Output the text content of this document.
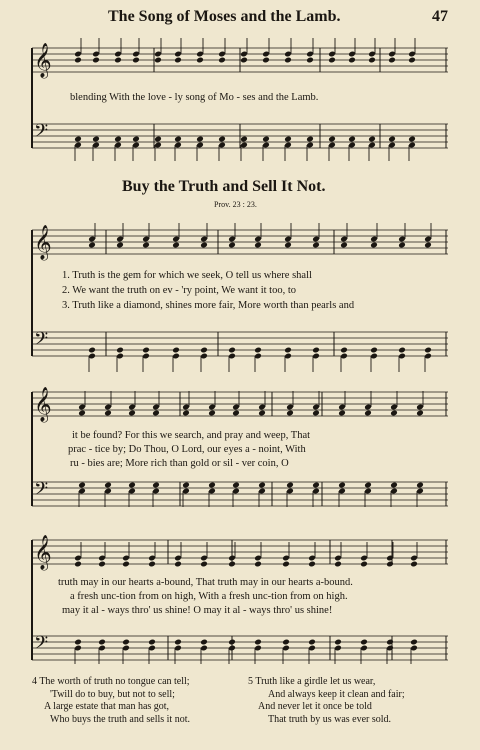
The Song of Moses and the Lamb.	47
𝄞
𝄢
𝄞
𝄢
𝄞
𝄢
𝄞
𝄢
blending With the love - ly song of Mo - ses and the Lamb.
Buy the Truth and Sell It Not.
Prov. 23 : 23.
1. Truth is the gem for which we seek, O tell us where shall
2. We want the truth on ev - 'ry point, We want it too, to
3. Truth like a diamond, shines more fair, More worth than pearls and
it be found? For this we search, and pray and weep, That
prac - tice by; Do Thou, O Lord, our eyes a - noint, With
ru - bies are; More rich than gold or sil - ver coin, O
truth may in our hearts a-bound, That truth may in our hearts a-bound.
a fresh unc-tion from on high, With a fresh unc-tion from on high.
may it al - ways thro' us shine! O may it al - ways thro' us shine!
4 The worth of truth no tongue can tell;
'Twill do to buy, but not to sell;
A large estate that man has got,
Who buys the truth and sells it not.
5 Truth like a girdle let us wear,
And always keep it clean and fair;
And never let it once be told
That truth by us was ever sold.
